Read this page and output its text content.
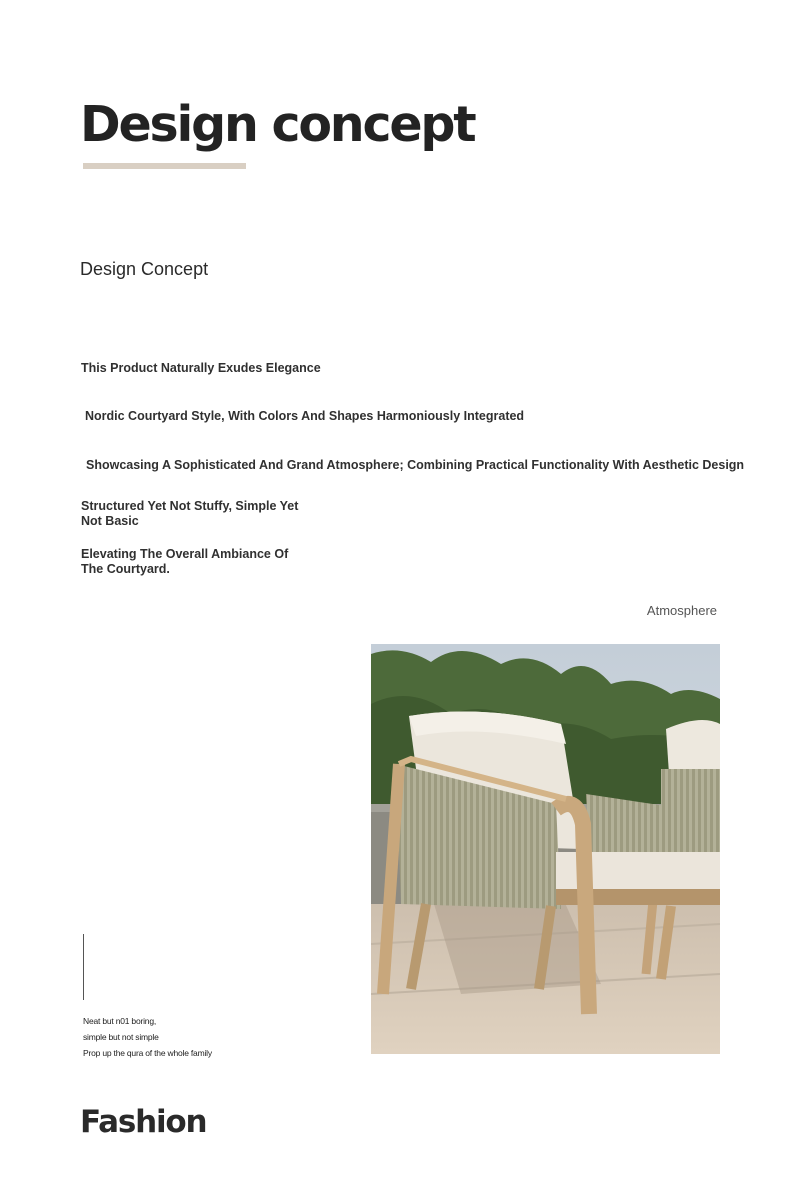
Design concept
Design Concept
This Product Naturally Exudes Elegance
Nordic Courtyard Style, With Colors And Shapes Harmoniously Integrated
Showcasing A Sophisticated And Grand Atmosphere; Combining Practical Functionality With Aesthetic Design
Structured Yet Not Stuffy, Simple Yet Not Basic
Elevating The Overall Ambiance Of The Courtyard.
Atmosphere
Neat but n01 boring,
simple but not simple
Prop up the qura of the whole family
Fashion
